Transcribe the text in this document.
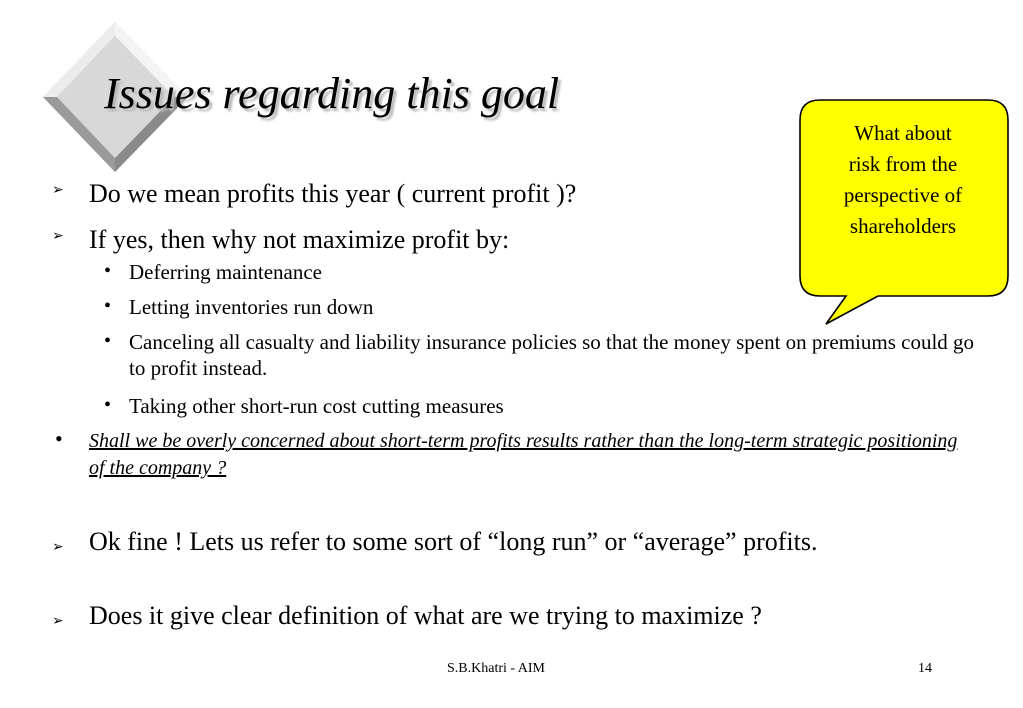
Issues regarding this goal
What about
risk from the
perspective of
shareholders
➢ Do we mean profits this year ( current profit )?

➢ If yes, then why not maximize profit by:

• Deferring maintenance

• Letting inventories run down

• Canceling all casualty and liability insurance policies so that the money spent on premiums could go to profit instead.

• Taking other short-run cost cutting measures

• Shall we be overly concerned about short-term profits results rather than the long-term strategic positioning of the company ?

➢ Ok fine ! Lets us refer to some sort of “long run” or “average” profits.

➢ Does it give clear definition of what are we trying to maximize ?

S.B.Khatri - AIM	14
